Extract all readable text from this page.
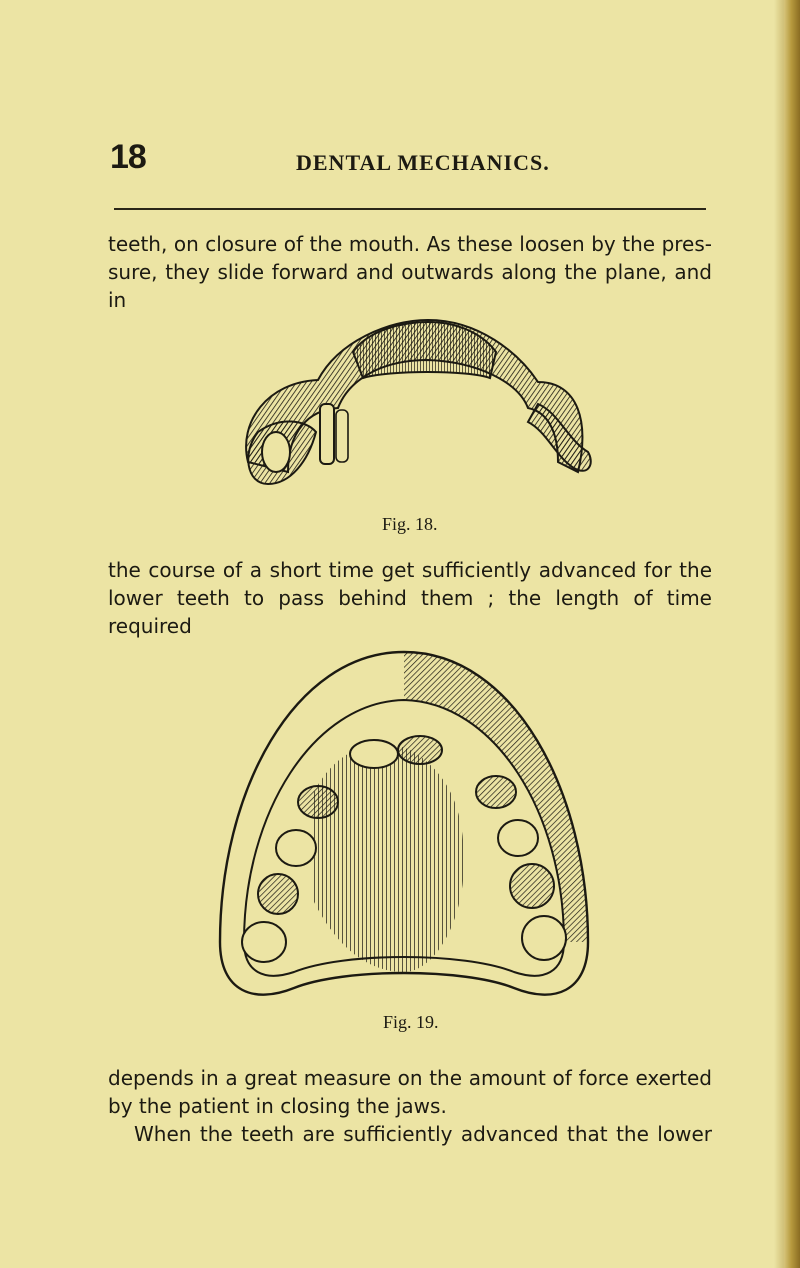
18	DENTAL MECHANICS.
teeth, on closure of the mouth. As these loosen by the pres-
sure, they slide forward and outwards along the plane, and in
Fig. 18.
the course of a short time get sufficiently advanced for the
lower teeth to pass behind them ; the length of time required
Fig. 19.
depends in a great measure on the amount of force exerted
by the patient in closing the jaws.
When the teeth are sufficiently advanced that the lower
